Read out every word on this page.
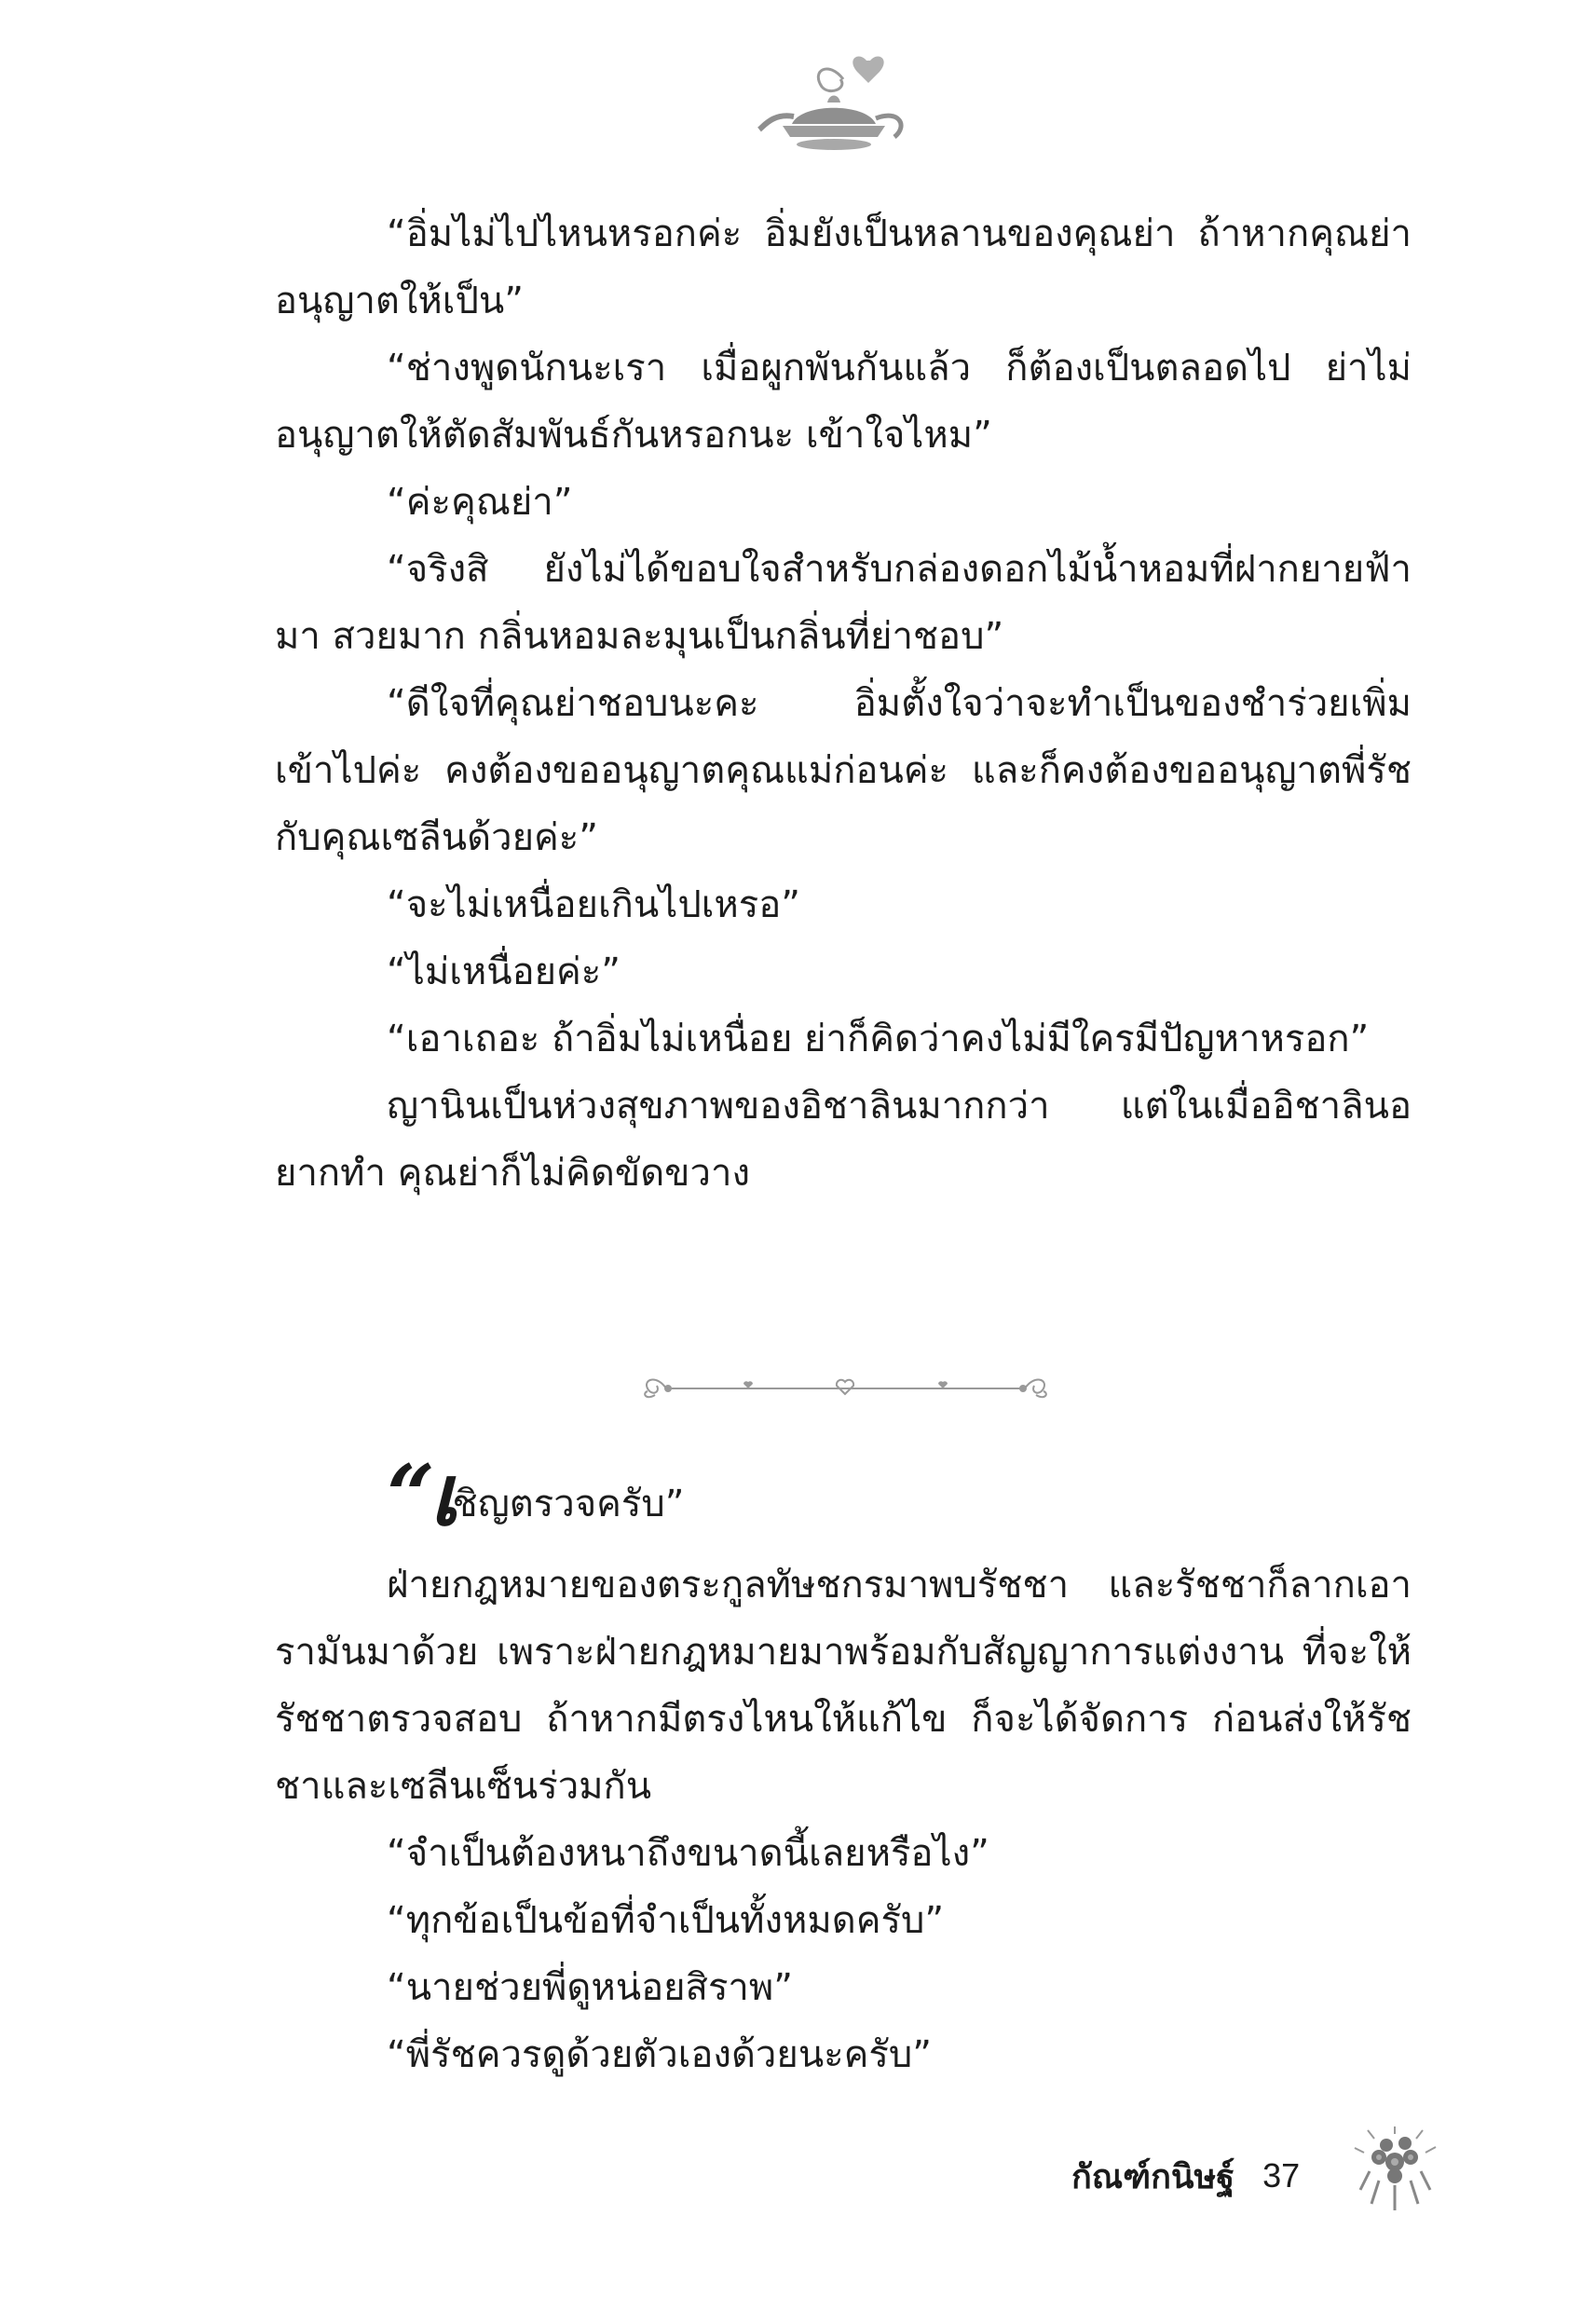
“อิ่มไม่ไปไหนหรอกค่ะ อิ่มยังเป็นหลานของคุณย่า ถ้าหากคุณย่าอนุญาตให้เป็น”

“ช่างพูดนักนะเรา เมื่อผูกพันกันแล้ว ก็ต้องเป็นตลอดไป ย่าไม่อนุญาตให้ตัดสัมพันธ์กันหรอกนะ เข้าใจไหม”

“ค่ะคุณย่า”

“จริงสิ ยังไม่ได้ขอบใจสำหรับกล่องดอกไม้น้ำหอมที่ฝากยายฟ้ามา สวยมาก กลิ่นหอมละมุนเป็นกลิ่นที่ย่าชอบ”

“ดีใจที่คุณย่าชอบนะคะ อิ่มตั้งใจว่าจะทำเป็นของชำร่วยเพิ่มเข้าไปค่ะ คงต้องขออนุญาตคุณแม่ก่อนค่ะ และก็คงต้องขออนุญาตพี่รัชกับคุณเซลีนด้วยค่ะ”

“จะไม่เหนื่อยเกินไปเหรอ”

“ไม่เหนื่อยค่ะ”

“เอาเถอะ ถ้าอิ่มไม่เหนื่อย ย่าก็คิดว่าคงไม่มีใครมีปัญหาหรอก”

ญานินเป็นห่วงสุขภาพของอิชาลินมากกว่า แต่ในเมื่ออิชาลินอยากทำ คุณย่าก็ไม่คิดขัดขวาง

“เชิญตรวจครับ”

ฝ่ายกฎหมายของตระกูลทัษชกรมาพบรัชชา และรัชชาก็ลากเอารามันมาด้วย เพราะฝ่ายกฎหมายมาพร้อมกับสัญญาการแต่งงาน ที่จะให้รัชชาตรวจสอบ ถ้าหากมีตรงไหนให้แก้ไข ก็จะได้จัดการ ก่อนส่งให้รัชชาและเซลีนเซ็นร่วมกัน

“จำเป็นต้องหนาถึงขนาดนี้เลยหรือไง”

“ทุกข้อเป็นข้อที่จำเป็นทั้งหมดครับ”

“นายช่วยพี่ดูหน่อยสิราพ”

“พี่รัชควรดูด้วยตัวเองด้วยนะครับ”

กัณฑ์กนิษฐ์ 37
